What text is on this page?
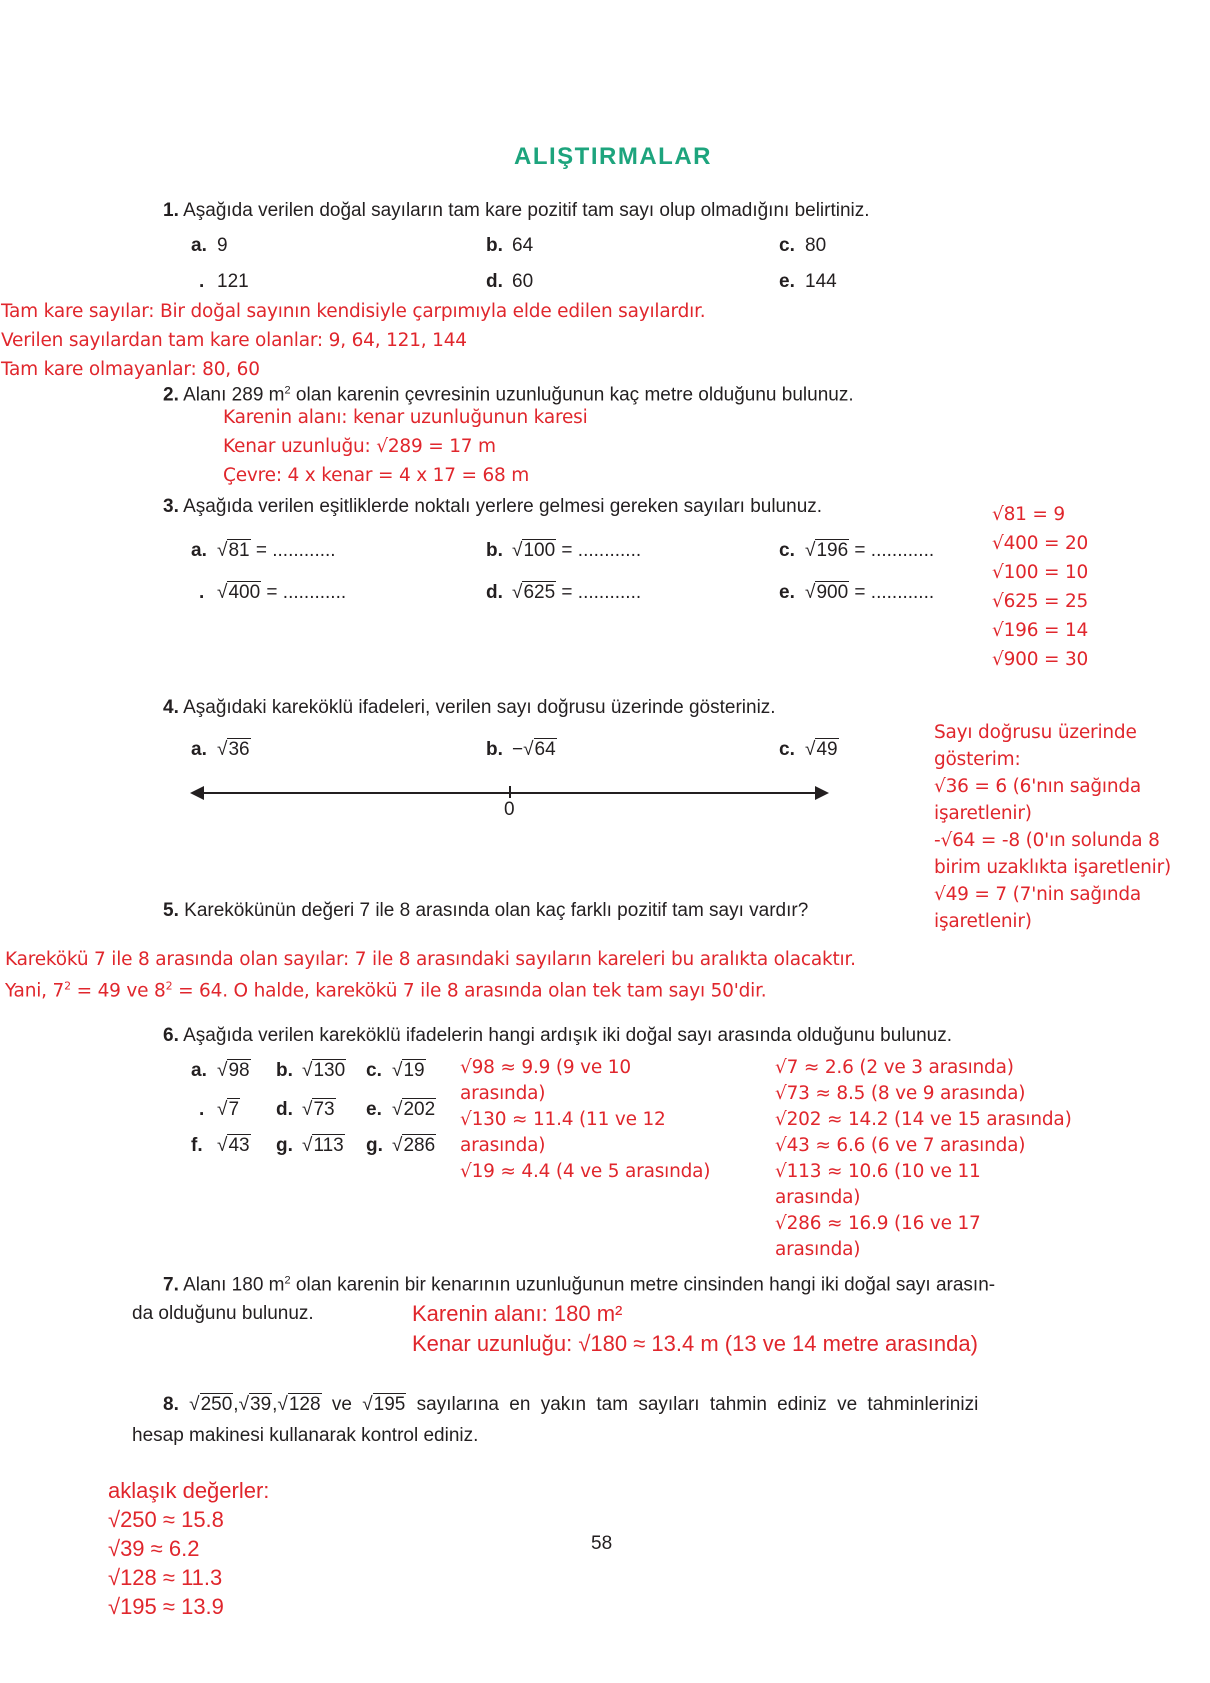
ALIŞTIRMALAR
1. Aşağıda verilen doğal sayıların tam kare pozitif tam sayı olup olmadığını belirtiniz.
a. 9	b. 64	c. 80
. 121	d. 60	e. 144
Tam kare sayılar: Bir doğal sayının kendisiyle çarpımıyla elde edilen sayılardır.
Verilen sayılardan tam kare olanlar: 9, 64, 121, 144
Tam kare olmayanlar: 80, 60
2. Alanı 289 $m^2$ olan karenin çevresinin uzunluğunun kaç metre olduğunu bulunuz.
Karenin alanı: kenar uzunluğunun karesi
Kenar uzunluğu: √289 = 17 m
Çevre: 4 x kenar = 4 x 17 = 68 m
3. Aşağıda verilen eşitliklerde noktalı yerlere gelmesi gereken sayıları bulunuz.
a. √81 = ............	b. √100 = ............	c. √196 = ............
. √400 = ............	d. √625 = ............	e. √900 = ............
√81 = 9
√400 = 20
√100 = 10
√625 = 25
√196 = 14
√900 = 30
4. Aşağıdaki kareköklü ifadeleri, verilen sayı doğrusu üzerinde gösteriniz.
a. √36	b. −√64	c. √49
0
Sayı doğrusu üzerinde
gösterim:
√36 = 6 (6'nın sağında
işaretlenir)
-√64 = -8 (0'ın solunda 8
birim uzaklıkta işaretlenir)
√49 = 7 (7'nin sağında
işaretlenir)
5. Karekökünün değeri 7 ile 8 arasında olan kaç farklı pozitif tam sayı vardır?
Karekökü 7 ile 8 arasında olan sayılar: 7 ile 8 arasındaki sayıların kareleri bu aralıkta olacaktır.
Yani, $7^2 = 49$ ve $8^2 = 64$. O halde, karekökü 7 ile 8 arasında olan tek tam sayı 50'dir.
6. Aşağıda verilen kareköklü ifadelerin hangi ardışık iki doğal sayı arasında olduğunu bulunuz.
a. √98 b. √130 c. √19
. √7 d. √73 e. √202
f. √43 g. √113 g. √286
√98 ≈ 9.9 (9 ve 10
arasında)
√130 ≈ 11.4 (11 ve 12
arasında)
√19 ≈ 4.4 (4 ve 5 arasında)
√7 ≈ 2.6 (2 ve 3 arasında)
√73 ≈ 8.5 (8 ve 9 arasında)
√202 ≈ 14.2 (14 ve 15 arasında)
√43 ≈ 6.6 (6 ve 7 arasında)
√113 ≈ 10.6 (10 ve 11
arasında)
√286 ≈ 16.9 (16 ve 17
arasında)
7. Alanı 180 $m^2$ olan karenin bir kenarının uzunluğunun metre cinsinden hangi iki doğal sayı arasın-
da olduğunu bulunuz.	Karenin alanı: 180 m²
Kenar uzunluğu: √180 ≈ 13.4 m (13 ve 14 metre arasında)
8. √250,√39,√128 ve √195 sayılarına en yakın tam sayıları tahmin ediniz ve tahminlerinizi
hesap makinesi kullanarak kontrol ediniz.
aklaşık değerler:
√250 ≈ 15.8
√39 ≈ 6.2
√128 ≈ 11.3
√195 ≈ 13.9
58
